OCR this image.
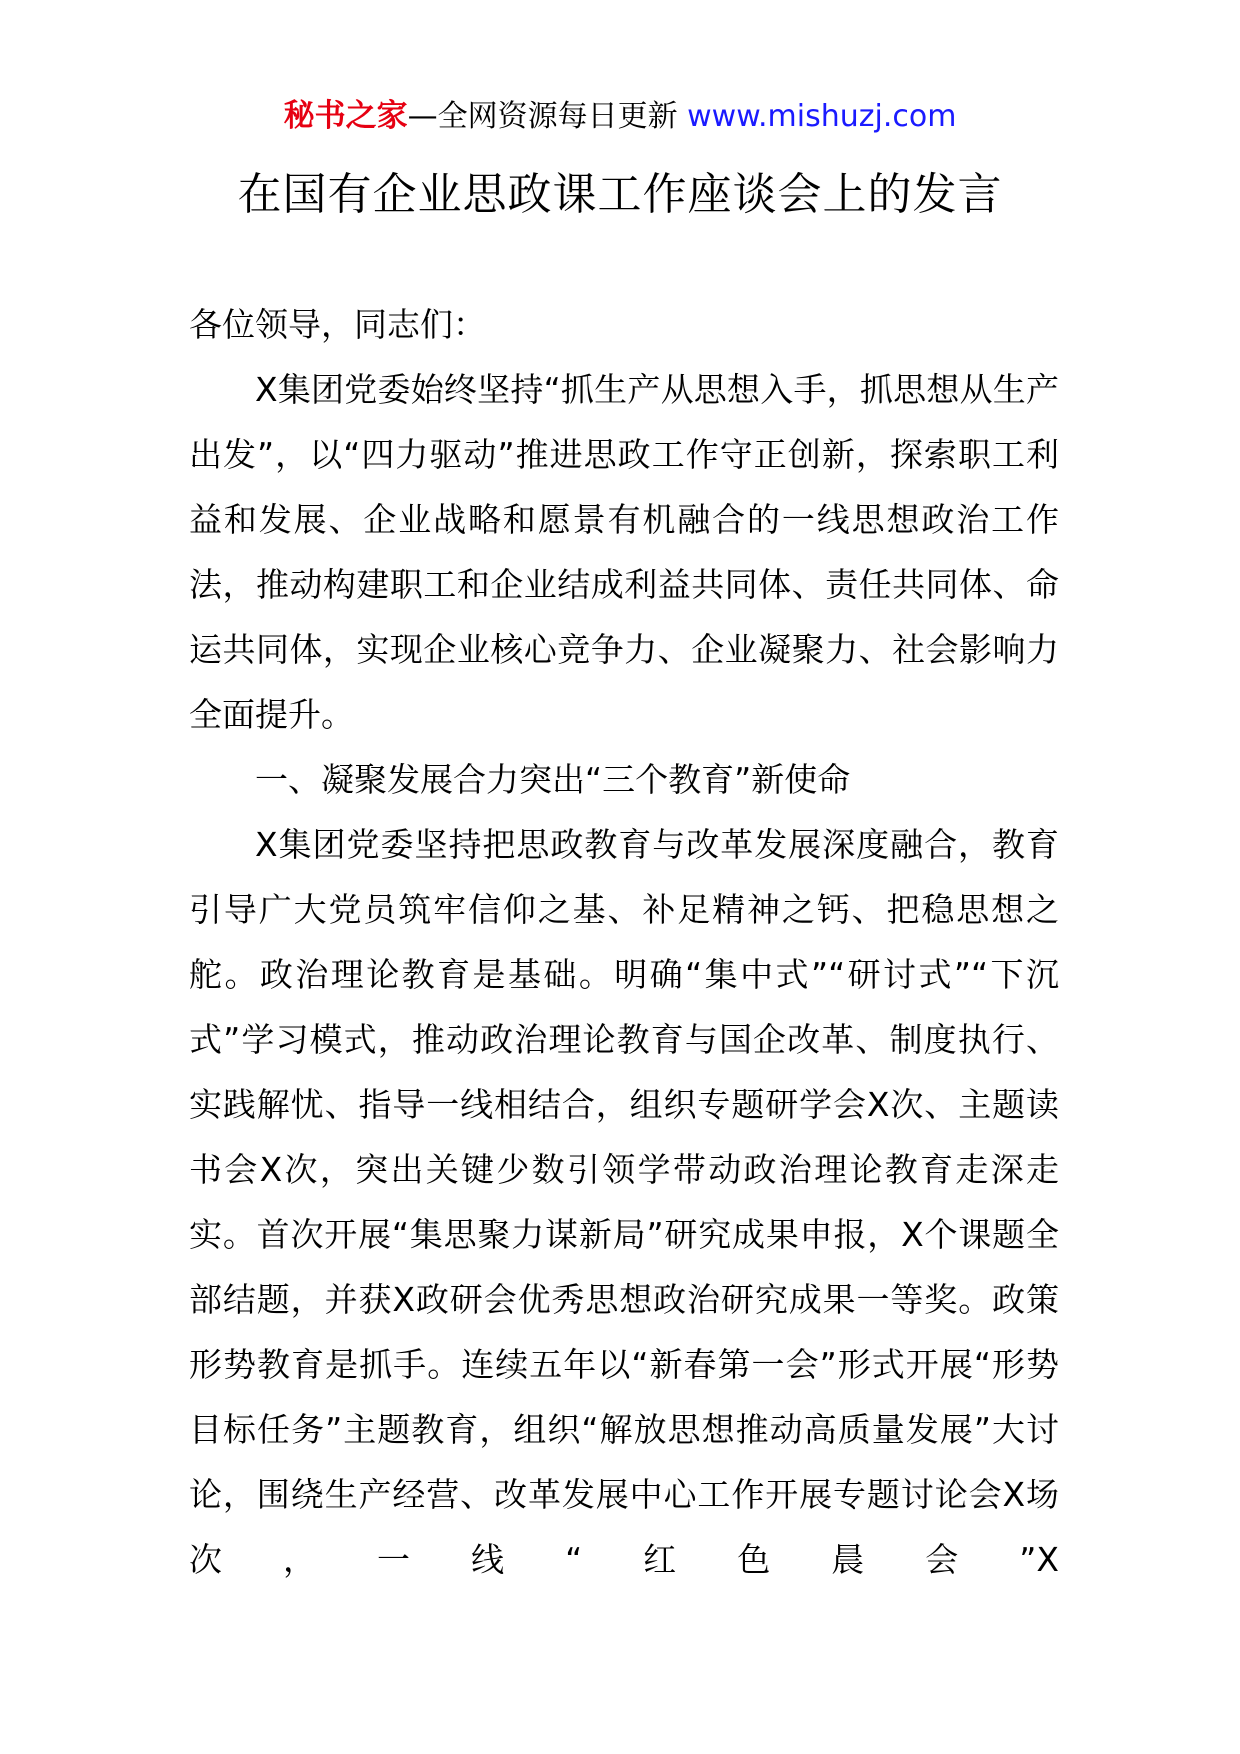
秘书之家—全网资源每日更新 www.mishuzj.com
在国有企业思政课工作座谈会上的发言

各位领导，同志们：

X集团党委始终坚持“抓生产从思想入手，抓思想从生产出发”，以“四力驱动”推进思政工作守正创新，探索职工利益和发展、企业战略和愿景有机融合的一线思想政治工作法，推动构建职工和企业结成利益共同体、责任共同体、命运共同体，实现企业核心竞争力、企业凝聚力、社会影响力全面提升。

一、凝聚发展合力突出“三个教育”新使命

X集团党委坚持把思政教育与改革发展深度融合，教育引导广大党员筑牢信仰之基、补足精神之钙、把稳思想之舵。政治理论教育是基础。明确“集中式”“研讨式”“下沉式”学习模式，推动政治理论教育与国企改革、制度执行、实践解忧、指导一线相结合，组织专题研学会X次、主题读书会X次，突出关键少数引领学带动政治理论教育走深走实。首次开展“集思聚力谋新局”研究成果申报，X个课题全部结题，并获X政研会优秀思想政治研究成果一等奖。政策形势教育是抓手。连续五年以“新春第一会”形式开展“形势目标任务”主题教育，组织“解放思想推动高质量发展”大讨论，围绕生产经营、改革发展中心工作开展专题讨论会X场次，一线“红色晨会”X
